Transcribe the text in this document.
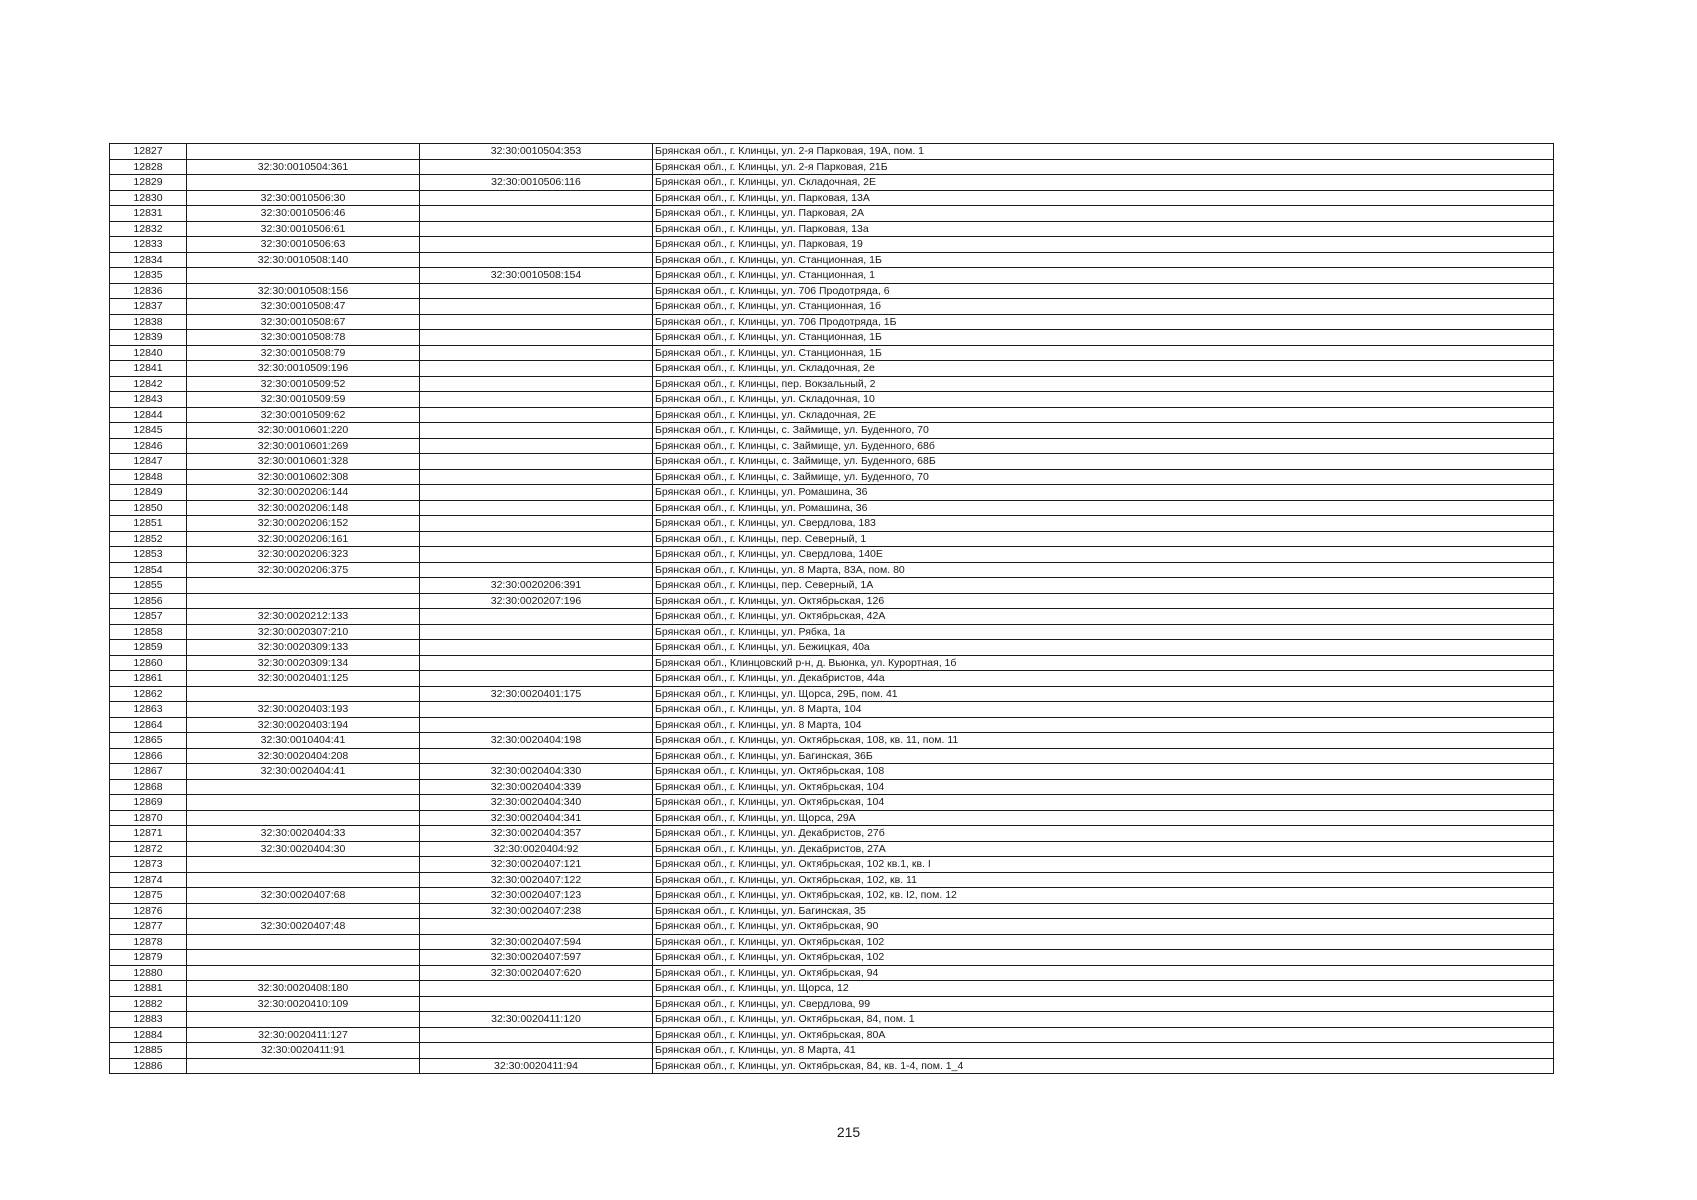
12827		32:30:0010504:353	Брянская обл., г. Клинцы, ул. 2-я Парковая, 19А, пом. 1
12828	32:30:0010504:361		Брянская обл., г. Клинцы, ул. 2-я Парковая, 21Б
12829		32:30:0010506:116	Брянская обл., г. Клинцы, ул. Складочная, 2Е
12830	32:30:0010506:30		Брянская обл., г. Клинцы, ул. Парковая, 13А
12831	32:30:0010506:46		Брянская обл., г. Клинцы, ул. Парковая, 2А
12832	32:30:0010506:61		Брянская обл., г. Клинцы, ул. Парковая, 13а
12833	32:30:0010506:63		Брянская обл., г. Клинцы, ул. Парковая, 19
12834	32:30:0010508:140		Брянская обл., г. Клинцы, ул. Станционная, 1Б
12835		32:30:0010508:154	Брянская обл., г. Клинцы, ул. Станционная, 1
12836	32:30:0010508:156		Брянская обл., г. Клинцы, ул. 706 Продотряда, 6
12837	32:30:0010508:47		Брянская обл., г. Клинцы, ул. Станционная, 1б
12838	32:30:0010508:67		Брянская обл., г. Клинцы, ул. 706 Продотряда, 1Б
12839	32:30:0010508:78		Брянская обл., г. Клинцы, ул. Станционная, 1Б
12840	32:30:0010508:79		Брянская обл., г. Клинцы, ул. Станционная, 1Б
12841	32:30:0010509:196		Брянская обл., г. Клинцы, ул. Складочная, 2е
12842	32:30:0010509:52		Брянская обл., г. Клинцы, пер. Вокзальный, 2
12843	32:30:0010509:59		Брянская обл., г. Клинцы, ул. Складочная, 10
12844	32:30:0010509:62		Брянская обл., г. Клинцы, ул. Складочная, 2Е
12845	32:30:0010601:220		Брянская обл., г. Клинцы, с. Займище, ул. Буденного, 70
12846	32:30:0010601:269		Брянская обл., г. Клинцы, с. Займище, ул. Буденного, 68б
12847	32:30:0010601:328		Брянская обл., г. Клинцы, с. Займище, ул. Буденного, 68Б
12848	32:30:0010602:308		Брянская обл., г. Клинцы, с. Займище, ул. Буденного, 70
12849	32:30:0020206:144		Брянская обл., г. Клинцы, ул. Ромашина, 36
12850	32:30:0020206:148		Брянская обл., г. Клинцы, ул. Ромашина, 36
12851	32:30:0020206:152		Брянская обл., г. Клинцы, ул. Свердлова, 183
12852	32:30:0020206:161		Брянская обл., г. Клинцы, пер. Северный, 1
12853	32:30:0020206:323		Брянская обл., г. Клинцы, ул. Свердлова, 140Е
12854	32:30:0020206:375		Брянская обл., г. Клинцы, ул. 8 Марта, 83А, пом. 80
12855		32:30:0020206:391	Брянская обл., г. Клинцы, пер. Северный, 1А
12856		32:30:0020207:196	Брянская обл., г. Клинцы, ул. Октябрьская, 126
12857	32:30:0020212:133		Брянская обл., г. Клинцы, ул. Октябрьская, 42А
12858	32:30:0020307:210		Брянская обл., г. Клинцы, ул. Рябка, 1а
12859	32:30:0020309:133		Брянская обл., г. Клинцы, ул. Бежицкая, 40а
12860	32:30:0020309:134		Брянская обл., Клинцовский р-н, д. Вьюнка, ул. Курортная, 1б
12861	32:30:0020401:125		Брянская обл., г. Клинцы, ул. Декабристов, 44а
12862		32:30:0020401:175	Брянская обл., г. Клинцы, ул. Щорса, 29Б, пом. 41
12863	32:30:0020403:193		Брянская обл., г. Клинцы, ул. 8 Марта, 104
12864	32:30:0020403:194		Брянская обл., г. Клинцы, ул. 8 Марта, 104
12865	32:30:0010404:41	32:30:0020404:198	Брянская обл., г. Клинцы, ул. Октябрьская, 108, кв. 11, пом. 11
12866	32:30:0020404:208		Брянская обл., г. Клинцы, ул. Багинская, 36Б
12867	32:30:0020404:41	32:30:0020404:330	Брянская обл., г. Клинцы, ул. Октябрьская, 108
12868		32:30:0020404:339	Брянская обл., г. Клинцы, ул. Октябрьская, 104
12869		32:30:0020404:340	Брянская обл., г. Клинцы, ул. Октябрьская, 104
12870		32:30:0020404:341	Брянская обл., г. Клинцы, ул. Щорса, 29А
12871	32:30:0020404:33	32:30:0020404:357	Брянская обл., г. Клинцы, ул. Декабристов, 27б
12872	32:30:0020404:30	32:30:0020404:92	Брянская обл., г. Клинцы, ул. Декабристов, 27А
12873		32:30:0020407:121	Брянская обл., г. Клинцы, ул. Октябрьская, 102 кв.1, кв. I
12874		32:30:0020407:122	Брянская обл., г. Клинцы, ул. Октябрьская, 102, кв. 11
12875	32:30:0020407:68	32:30:0020407:123	Брянская обл., г. Клинцы, ул. Октябрьская, 102, кв. I2, пом. 12
12876		32:30:0020407:238	Брянская обл., г. Клинцы, ул. Багинская, 35
12877	32:30:0020407:48		Брянская обл., г. Клинцы, ул. Октябрьская, 90
12878		32:30:0020407:594	Брянская обл., г. Клинцы, ул. Октябрьская, 102
12879		32:30:0020407:597	Брянская обл., г. Клинцы, ул. Октябрьская, 102
12880		32:30:0020407:620	Брянская обл., г. Клинцы, ул. Октябрьская, 94
12881	32:30:0020408:180		Брянская обл., г. Клинцы, ул. Щорса, 12
12882	32:30:0020410:109		Брянская обл., г. Клинцы, ул. Свердлова, 99
12883		32:30:0020411:120	Брянская обл., г. Клинцы, ул. Октябрьская, 84, пом. 1
12884	32:30:0020411:127		Брянская обл., г. Клинцы, ул. Октябрьская, 80А
12885	32:30:0020411:91		Брянская обл., г. Клинцы, ул. 8 Марта, 41
12886		32:30:0020411:94	Брянская обл., г. Клинцы, ул. Октябрьская, 84, кв. 1-4, пом. 1_4
215
